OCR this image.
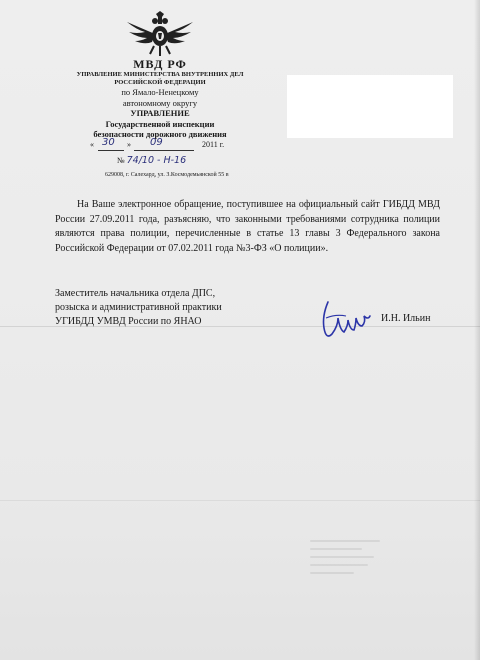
МВД РФ
УПРАВЛЕНИЕ МИНИСТЕРСТВА ВНУТРЕННИХ ДЕЛ
РОССИЙСКОЙ ФЕДЕРАЦИИ
по Ямало-Ненецкому
автономному округу
УПРАВЛЕНИЕ
Государственной инспекции
безопасности дорожного движения
« 30 » 09	2011 г.
№ 74/10 - Н-16
629008, г. Салехард, ул. З.Космодемьянской 55 в

На Ваше электронное обращение, поступившее на официальный сайт ГИБДД МВД России 27.09.2011 года, разъясняю, что законными требованиями сотрудника полиции являются права полиции, перечисленные в статье 13 главы 3 Федерального закона Российской Федерации от 07.02.2011 года №3-ФЗ «О полиции».

Заместитель начальника отдела ДПС,
розыска и административной практики
УГИБДД УМВД России по ЯНАО	И.Н. Ильин
